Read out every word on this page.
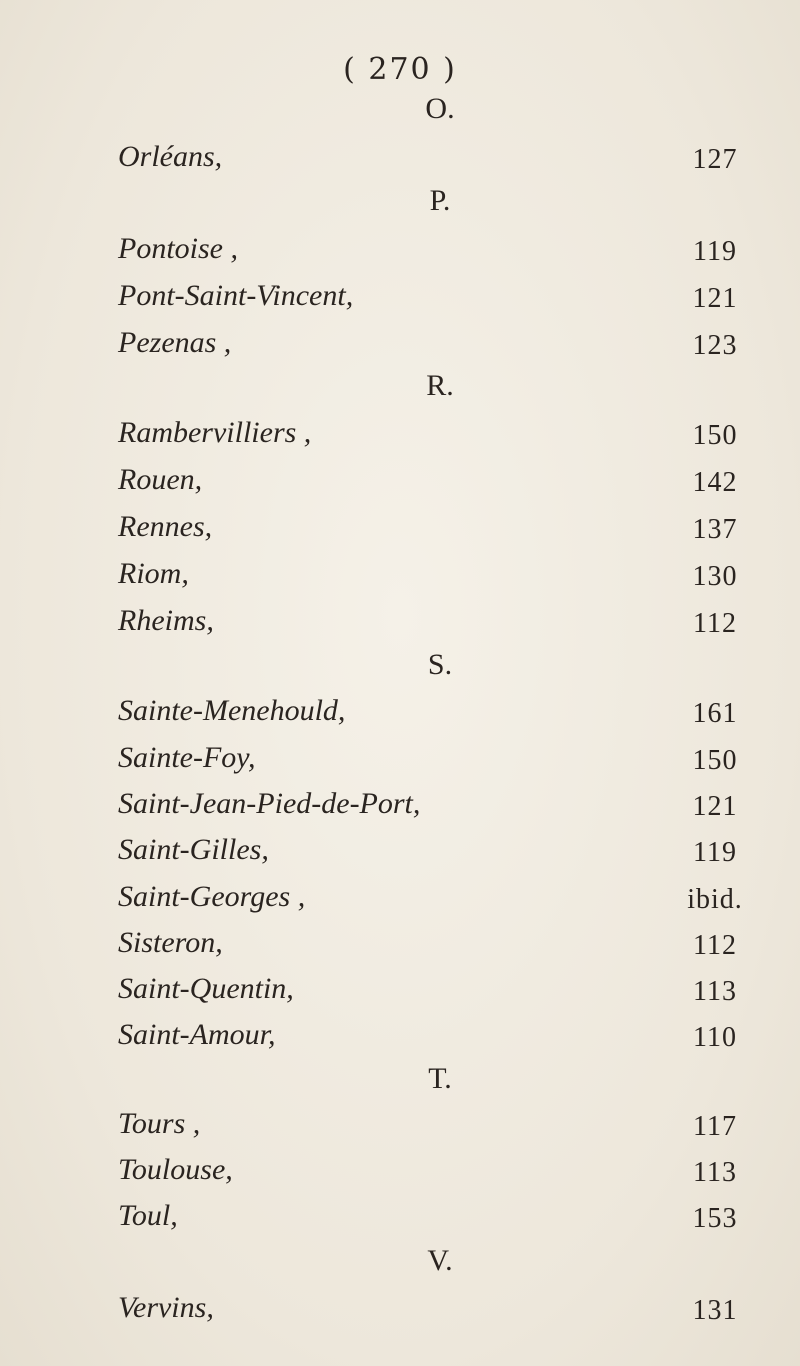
( 270 )
O.
Orléans,	127
P.
Pontoise ,	119
Pont-Saint-Vincent,	121
Pezenas ,	123
R.
Rambervilliers ,	150
Rouen,	142
Rennes,	137
Riom,	130
Rheims,	112
S.
Sainte-Menehould,	161
Sainte-Foy,	150
Saint-Jean-Pied-de-Port,	121
Saint-Gilles,	119
Saint-Georges ,	ibid.
Sisteron,	112
Saint-Quentin,	113
Saint-Amour,	110
T.
Tours ,	117
Toulouse,	113
Toul,	153
V.
Vervins,	131
